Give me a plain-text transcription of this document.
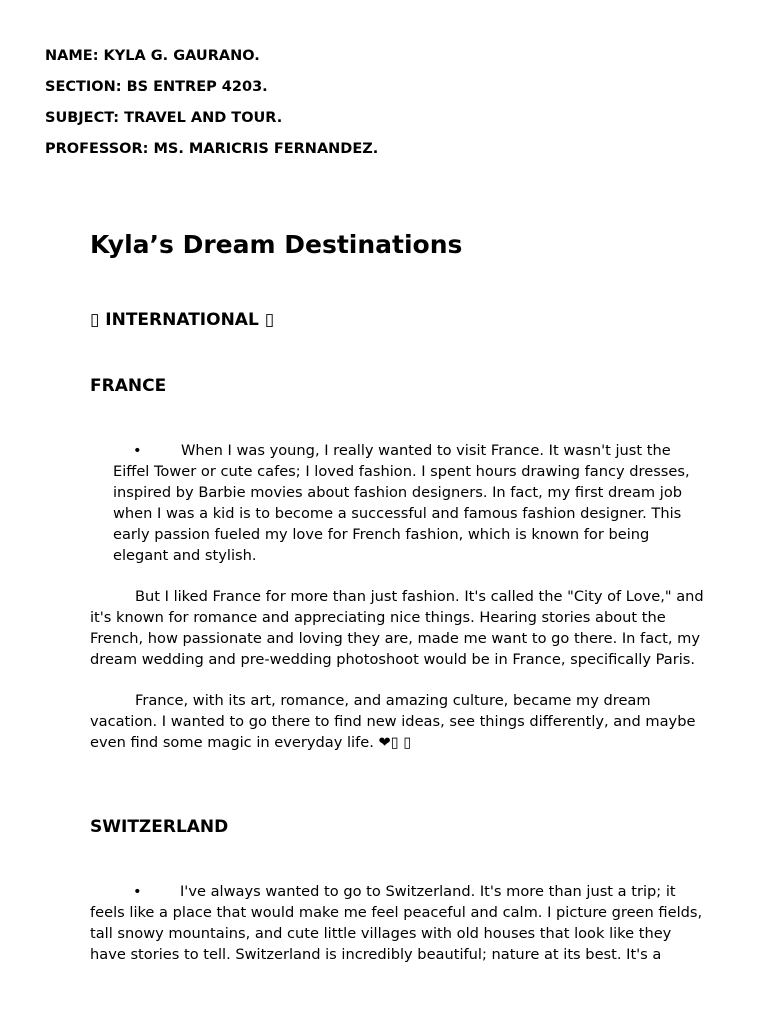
NAME: KYLA G. GAURANO.
SECTION: BS ENTREP 4203.
SUBJECT: TRAVEL AND TOUR.
PROFESSOR: MS. MARICRIS FERNANDEZ.
Kyla’s Dream Destinations
▯ INTERNATIONAL ▯
FRANCE
•	When I was young, I really wanted to visit France. It wasn't just the
Eiffel Tower or cute cafes; I loved fashion. I spent hours drawing fancy dresses,
inspired by Barbie movies about fashion designers. In fact, my first dream job
when I was a kid is to become a successful and famous fashion designer. This
early passion fueled my love for French fashion, which is known for being
elegant and stylish.
But I liked France for more than just fashion. It's called the "City of Love," and
it's known for romance and appreciating nice things. Hearing stories about the
French, how passionate and loving they are, made me want to go there. In fact, my
dream wedding and pre-wedding photoshoot would be in France, specifically Paris.
France, with its art, romance, and amazing culture, became my dream
vacation. I wanted to go there to find new ideas, see things differently, and maybe
even find some magic in everyday life. ❤▯ ▯
SWITZERLAND
•	I've always wanted to go to Switzerland. It's more than just a trip; it
feels like a place that would make me feel peaceful and calm. I picture green fields,
tall snowy mountains, and cute little villages with old houses that look like they
have stories to tell. Switzerland is incredibly beautiful; nature at its best. It's a
